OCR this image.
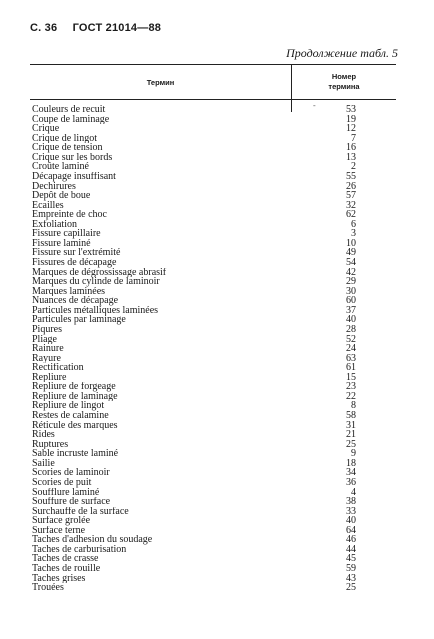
С. 36 ГОСТ 21014—88
Продолжение табл. 5
Термин
Номер
термина
-
Couleurs de recuit	53
Coupe de laminage	19
Crique	12
Crique de lingot	7
Crique de tension	16
Crique sur les bords	13
Croûte laminé	2
Décapage insuffisant	55
Dechirures	26
Depôt de boue	57
Ecailles	32
Empreinte de choc	62
Exfoliation	6
Fissure capillaire	3
Fissure laminé	10
Fissure sur l'extrémité	49
Fissures de décapage	54
Marques de dégrossissage abrasif	42
Marques du cylinde de laminoir	29
Marques laminées	30
Nuances de décapage	60
Particules métalliques laminées	37
Particules par laminage	40
Piqures	28
Pliage	52
Rainure	24
Rayure	63
Rectification	61
Repliure	15
Repliure de forgeage	23
Repliure de laminage	22
Repliure de lingot	8
Restes de calamine	58
Réticule des marques	31
Rides	21
Ruptures	25
Sable incruste laminé	9
Sailie	18
Scories de laminoir	34
Scories de puit	36
Soufflure laminé	4
Souffure de surface	38
Surchauffe de la surface	33
Surface grolée	40
Surface terne	64
Taches d'adhesion du soudage	46
Taches de carburisation	44
Taches de crasse	45
Taches de rouille	59
Taches grises	43
Trouées	25
